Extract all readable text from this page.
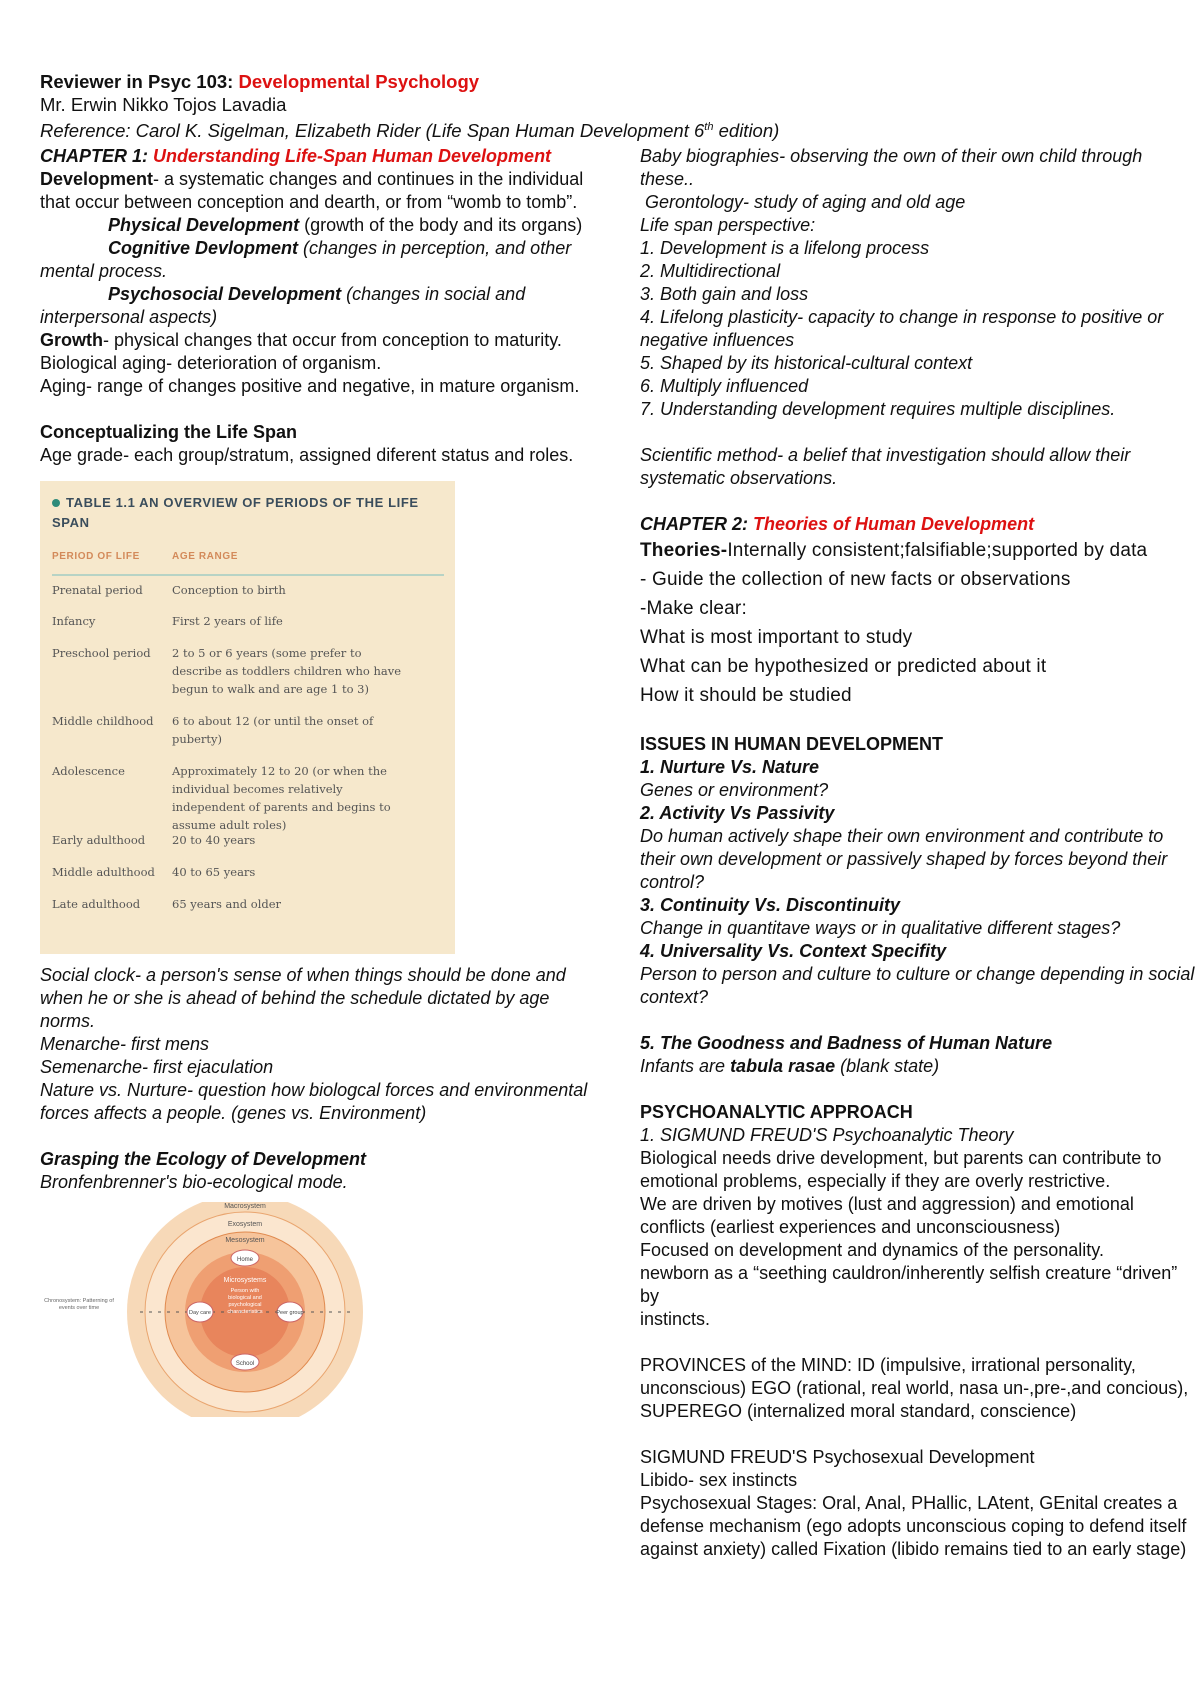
Reviewer in Psyc 103: Developmental Psychology

Mr. Erwin Nikko Tojos Lavadia

Reference: Carol K. Sigelman, Elizabeth Rider (Life Span Human Development 6th edition)

CHAPTER 1: Understanding Life-Span Human Development

Development- a systematic changes and continues in the individual that occur between conception and dearth, or from “womb to tomb”.

Physical Development (growth of the body and its organs)

Cognitive Devlopment (changes in perception, and other mental process.

Psychosocial Development (changes in social and interpersonal aspects)

Growth- physical changes that occur from conception to maturity.

Biological aging- deterioration of organism.

Aging- range of changes positive and negative, in mature organism.

Conceptualizing the Life Span

Age grade- each group/stratum, assigned diferent status and roles.

TABLE 1.1 AN OVERVIEW OF PERIODS OF THE LIFE SPAN
PERIOD OF LIFE	AGE RANGE
Prenatal period	Conception to birth
Infancy	First 2 years of life
Preschool period	2 to 5 or 6 years (some prefer to describe as toddlers children who have begun to walk and are age 1 to 3)
Middle childhood	6 to about 12 (or until the onset of puberty)
Adolescence	Approximately 12 to 20 (or when the individual becomes relatively independent of parents and begins to assume adult roles)
Early adulthood	20 to 40 years
Middle adulthood	40 to 65 years
Late adulthood	65 years and older

Social clock- a person's sense of when things should be done and when he or she is ahead of behind the schedule dictated by age norms.

Menarche- first mens

Semenarche- first ejaculation

Nature vs. Nurture- question how biologcal forces and environmental forces affects a people. (genes vs. Environment)

Grasping the Ecology of Development

Bronfenbrenner's bio-ecological mode.

Macrosystem
Exosystem
Mesosystem
Home
Microsystems
Person with biological and psychological characteristics
Day care	Peer group
School
Chronosystem: Patterning of events over time

Baby biographies- observing the own of their own child through these..

Gerontology- study of aging and old age

Life span perspective:

1. Development is a lifelong process

2. Multidirectional

3. Both gain and loss

4. Lifelong plasticity- capacity to change in response to positive or negative influences

5. Shaped by its historical-cultural context

6. Multiply influenced

7. Understanding development requires multiple disciplines.

Scientific method- a belief that investigation should allow their systematic observations.

CHAPTER 2: Theories of Human Development

Theories-Internally consistent;falsifiable;supported by data

- Guide the collection of new facts or observations

-Make clear:

What is most important to study

What can be hypothesized or predicted about it

How it should be studied

ISSUES IN HUMAN DEVELOPMENT

1. Nurture Vs. Nature

Genes or environment?

2. Activity Vs Passivity

Do human actively shape their own environment and contribute to their own development or passively shaped by forces beyond their control?

3. Continuity Vs. Discontinuity

Change in quantitave ways or in qualitative different stages?

4. Universality Vs. Context Specifity

Person to person and culture to culture or change depending in social context?

5. The Goodness and Badness of Human Nature

Infants are tabula rasae (blank state)

PSYCHOANALYTIC APPROACH

1. SIGMUND FREUD'S Psychoanalytic Theory

Biological needs drive development, but parents can contribute to emotional problems, especially if they are overly restrictive.

We are driven by motives (lust and aggression) and emotional conflicts (earliest experiences and unconsciousness)

Focused on development and dynamics of the personality.

newborn as a “seething cauldron/inherently selfish creature “driven” by

instincts.

PROVINCES of the MIND: ID (impulsive, irrational personality, unconscious) EGO (rational, real world, nasa un-,pre-,and concious), SUPEREGO (internalized moral standard, conscience)

SIGMUND FREUD'S Psychosexual Development

Libido- sex instincts

Psychosexual Stages: Oral, Anal, PHallic, LAtent, GEnital creates a defense mechanism (ego adopts unconscious coping to defend itself against anxiety) called Fixation (libido remains tied to an early stage)
